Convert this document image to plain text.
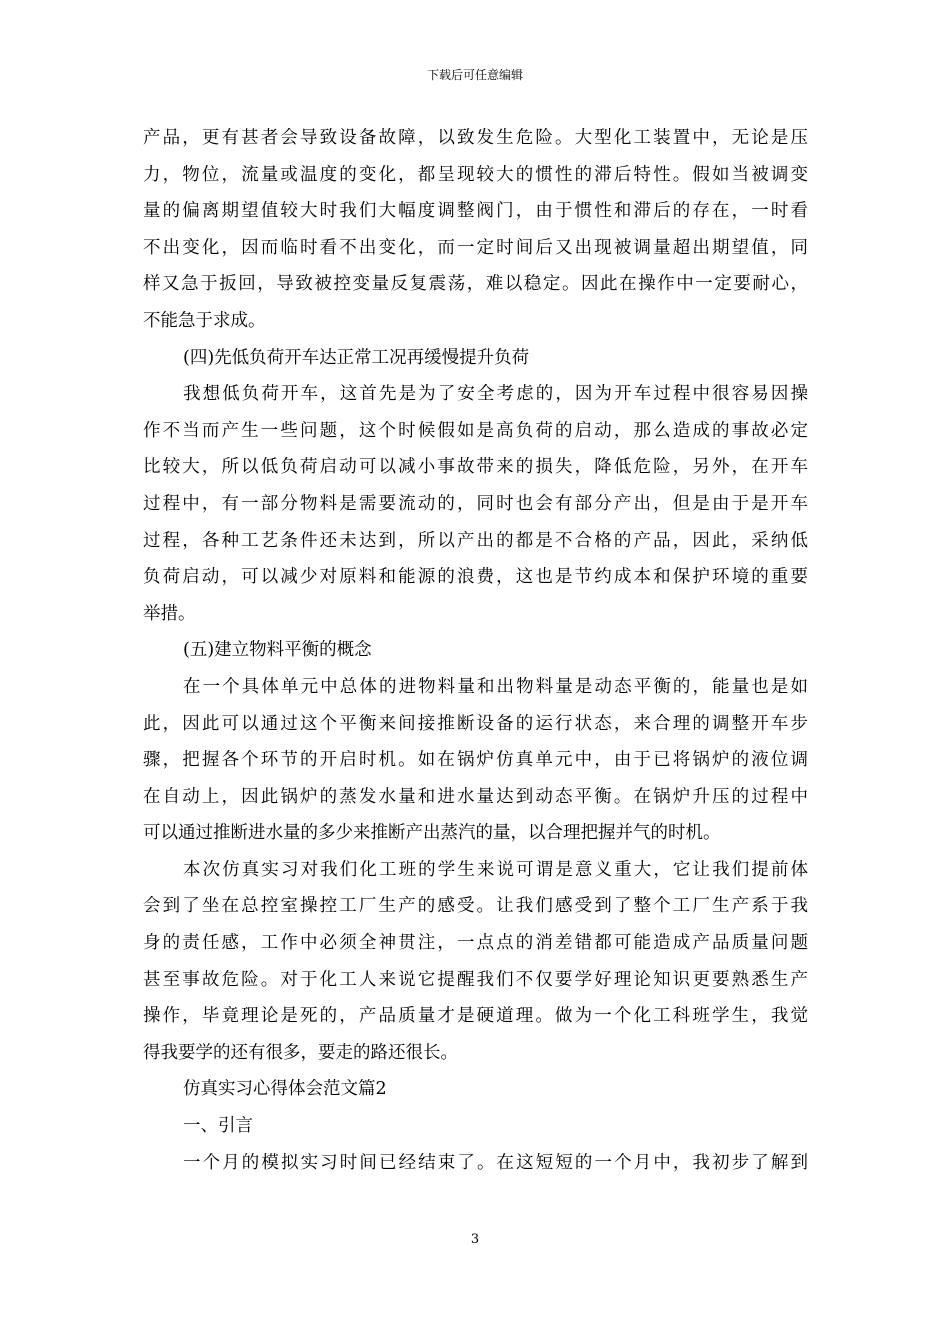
下载后可任意编辑
产品，更有甚者会导致设备故障，以致发生危险。大型化工装置中，无论是压
力，物位，流量或温度的变化，都呈现较大的惯性的滞后特性。假如当被调变
量的偏离期望值较大时我们大幅度调整阀门，由于惯性和滞后的存在，一时看
不出变化，因而临时看不出变化，而一定时间后又出现被调量超出期望值，同
样又急于扳回，导致被控变量反复震荡，难以稳定。因此在操作中一定要耐心，
不能急于求成。
(四)先低负荷开车达正常工况再缓慢提升负荷
我想低负荷开车，这首先是为了安全考虑的，因为开车过程中很容易因操
作不当而产生一些问题，这个时候假如是高负荷的启动，那么造成的事故必定
比较大，所以低负荷启动可以减小事故带来的损失，降低危险，另外，在开车
过程中，有一部分物料是需要流动的，同时也会有部分产出，但是由于是开车
过程，各种工艺条件还未达到，所以产出的都是不合格的产品，因此，采纳低
负荷启动，可以减少对原料和能源的浪费，这也是节约成本和保护环境的重要
举措。
(五)建立物料平衡的概念
在一个具体单元中总体的进物料量和出物料量是动态平衡的，能量也是如
此，因此可以通过这个平衡来间接推断设备的运行状态，来合理的调整开车步
骤，把握各个环节的开启时机。如在锅炉仿真单元中，由于已将锅炉的液位调
在自动上，因此锅炉的蒸发水量和进水量达到动态平衡。在锅炉升压的过程中
可以通过推断进水量的多少来推断产出蒸汽的量，以合理把握并气的时机。
本次仿真实习对我们化工班的学生来说可谓是意义重大，它让我们提前体
会到了坐在总控室操控工厂生产的感受。让我们感受到了整个工厂生产系于我
身的责任感，工作中必须全神贯注，一点点的消差错都可能造成产品质量问题
甚至事故危险。对于化工人来说它提醒我们不仅要学好理论知识更要熟悉生产
操作，毕竟理论是死的，产品质量才是硬道理。做为一个化工科班学生，我觉
得我要学的还有很多，要走的路还很长。
仿真实习心得体会范文篇2
一、引言
一个月的模拟实习时间已经结束了。在这短短的一个月中，我初步了解到
3
